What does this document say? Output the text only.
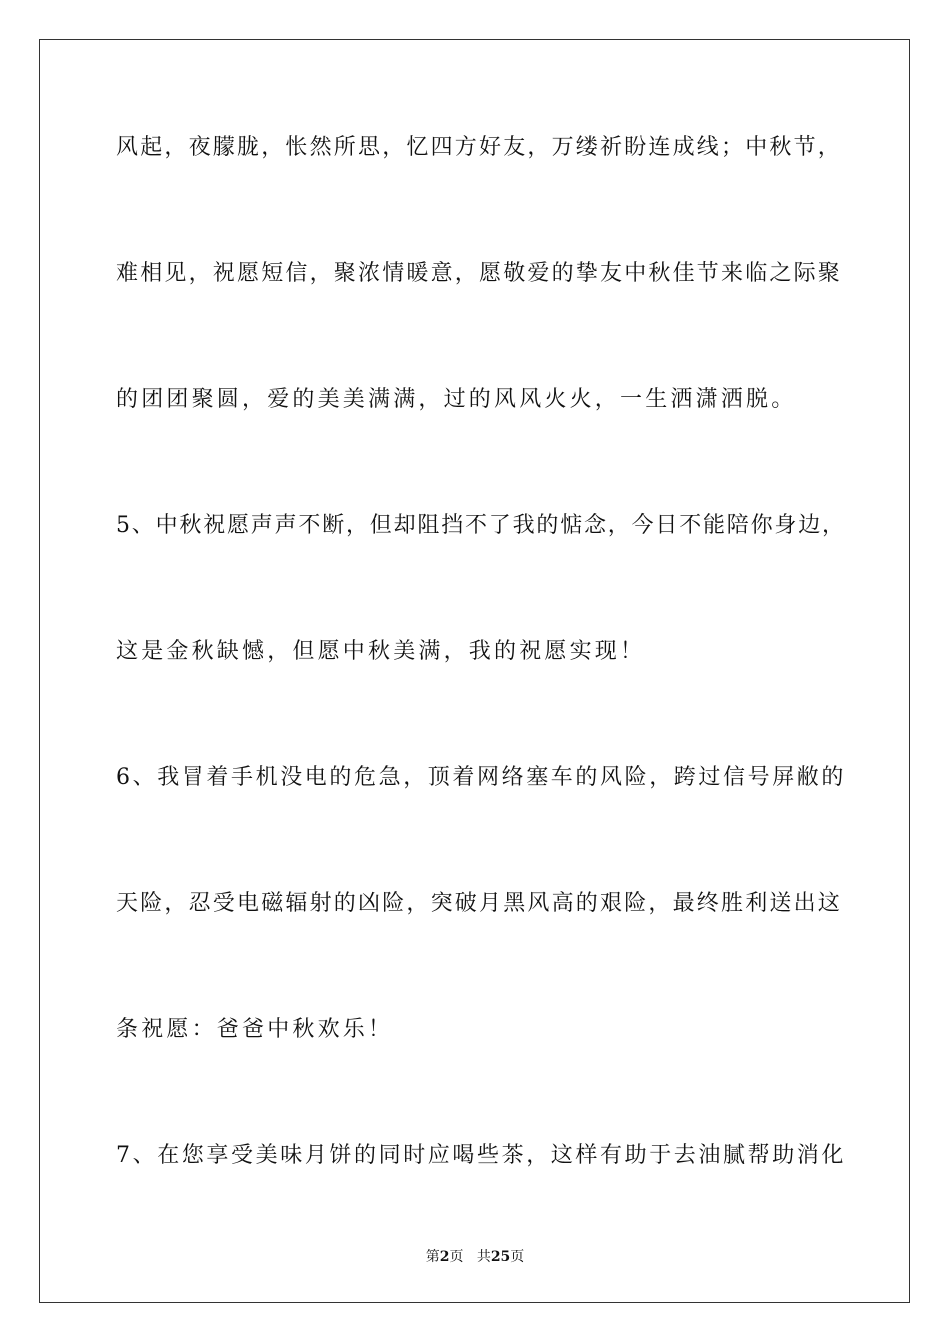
风起，夜朦胧，怅然所思，忆四方好友，万缕祈盼连成线；中秋节，
难相见，祝愿短信，聚浓情暖意，愿敬爱的挚友中秋佳节来临之际聚
的团团聚圆，爱的美美满满，过的风风火火，一生洒潇洒脱。
5、中秋祝愿声声不断，但却阻挡不了我的惦念，今日不能陪你身边，
这是金秋缺憾，但愿中秋美满，我的祝愿实现！
6、我冒着手机没电的危急，顶着网络塞车的风险，跨过信号屏敝的
天险，忍受电磁辐射的凶险，突破月黑风高的艰险，最终胜利送出这
条祝愿：爸爸中秋欢乐！
7、在您享受美味月饼的同时应喝些茶，这样有助于去油腻帮助消化
第2页 共25页
